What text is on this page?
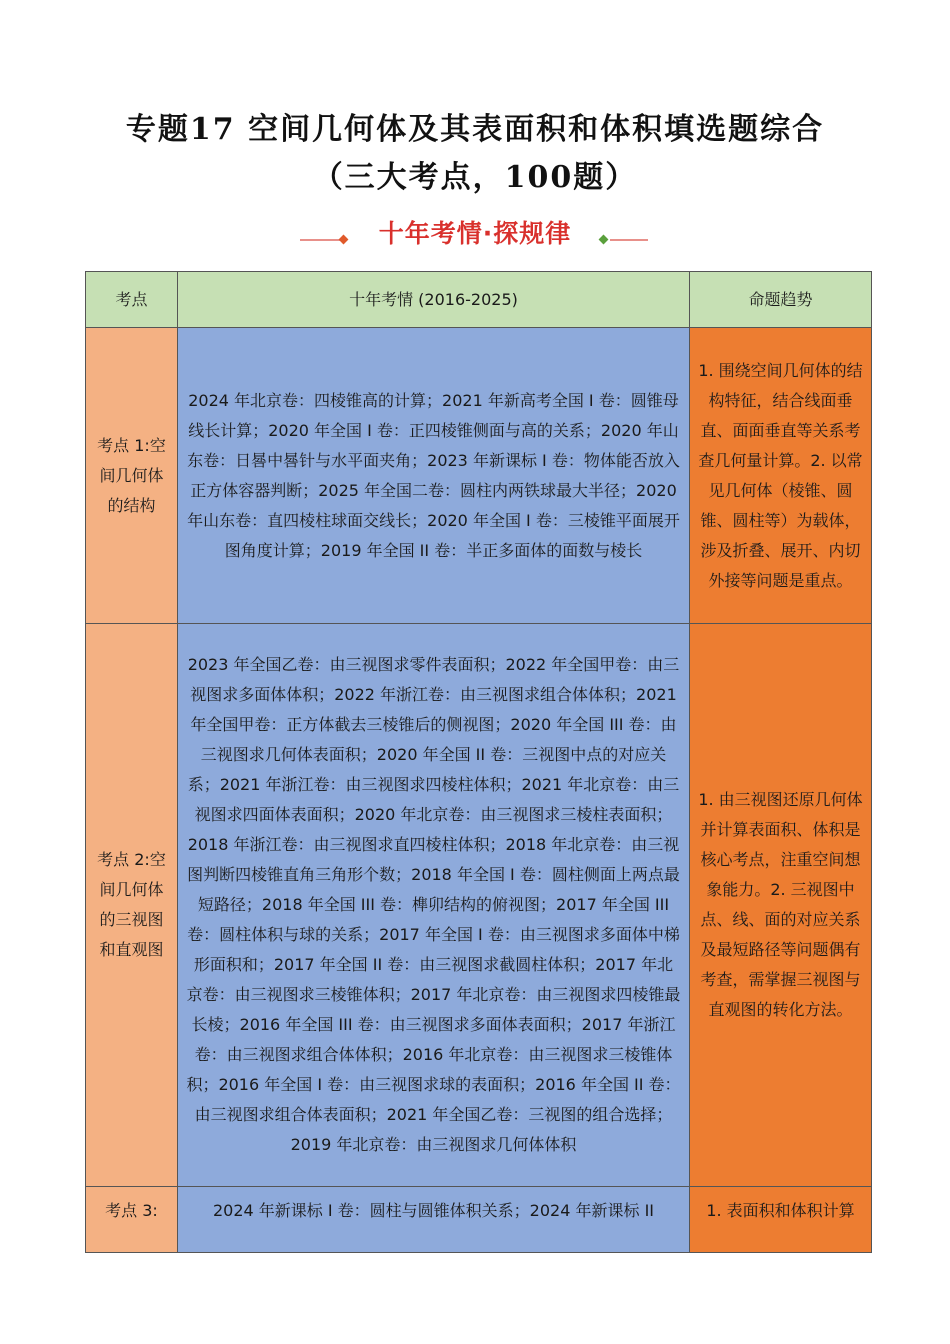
专题17 空间几何体及其表面积和体积填选题综合
（三大考点，100题）
十年考情·探规律
考点	十年考情 (2016-2025)	命题趋势

考点 1:空间几何体的结构	2024 年北京卷：四棱锥高的计算；2021 年新高考全国 I 卷：圆锥母线长计算；2020 年全国 I 卷：正四棱锥侧面与高的关系；2020 年山东卷：日晷中晷针与水平面夹角；2023 年新课标 I 卷：物体能否放入正方体容器判断；2025 年全国二卷：圆柱内两铁球最大半径；2020 年山东卷：直四棱柱球面交线长；2020 年全国 I 卷：三棱锥平面展开图角度计算；2019 年全国 II 卷：半正多面体的面数与棱长	1. 围绕空间几何体的结构特征，结合线面垂直、面面垂直等关系考查几何量计算。2. 以常见几何体（棱锥、圆锥、圆柱等）为载体，涉及折叠、展开、内切外接等问题是重点。

考点 2:空间几何体的三视图和直观图	2023 年全国乙卷：由三视图求零件表面积；2022 年全国甲卷：由三视图求多面体体积；2022 年浙江卷：由三视图求组合体体积；2021 年全国甲卷：正方体截去三棱锥后的侧视图；2020 年全国 III 卷：由三视图求几何体表面积；2020 年全国 II 卷：三视图中点的对应关系；2021 年浙江卷：由三视图求四棱柱体积；2021 年北京卷：由三视图求四面体表面积；2020 年北京卷：由三视图求三棱柱表面积；2018 年浙江卷：由三视图求直四棱柱体积；2018 年北京卷：由三视图判断四棱锥直角三角形个数；2018 年全国 I 卷：圆柱侧面上两点最短路径；2018 年全国 III 卷：榫卯结构的俯视图；2017 年全国 III 卷：圆柱体积与球的关系；2017 年全国 I 卷：由三视图求多面体中梯形面积和；2017 年全国 II 卷：由三视图求截圆柱体积；2017 年北京卷：由三视图求三棱锥体积；2017 年北京卷：由三视图求四棱锥最长棱；2016 年全国 III 卷：由三视图求多面体表面积；2017 年浙江卷：由三视图求组合体体积；2016 年北京卷：由三视图求三棱锥体积；2016 年全国 I 卷：由三视图求球的表面积；2016 年全国 II 卷：由三视图求组合体表面积；2021 年全国乙卷：三视图的组合选择；2019 年北京卷：由三视图求几何体体积	1. 由三视图还原几何体并计算表面积、体积是核心考点，注重空间想象能力。2. 三视图中点、线、面的对应关系及最短路径等问题偶有考查，需掌握三视图与直观图的转化方法。

考点 3:	2024 年新课标 I 卷：圆柱与圆锥体积关系；2024 年新课标 II	1. 表面积和体积计算
